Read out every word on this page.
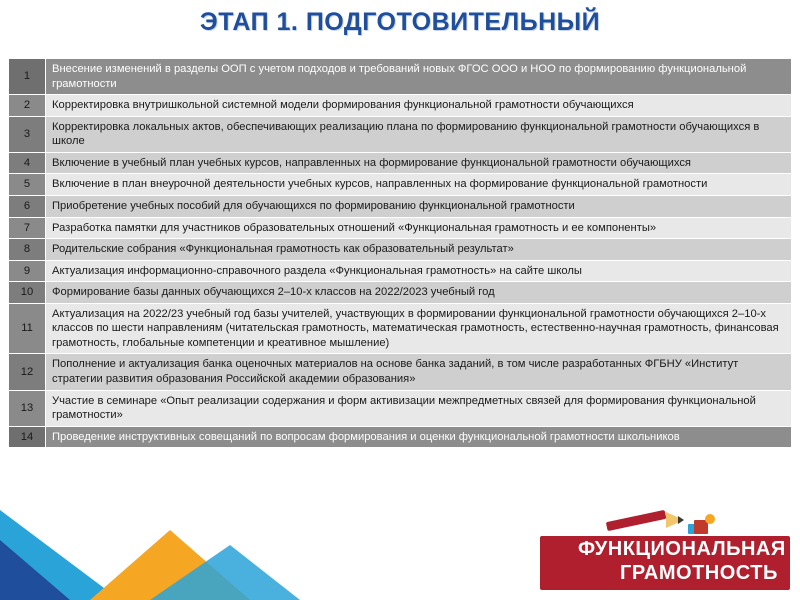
ЭТАП 1. ПОДГОТОВИТЕЛЬНЫЙ
1	Внесение изменений в разделы ООП с учетом подходов и требований новых ФГОС ООО и НОО по формированию функциональной грамотности
2	Корректировка внутришкольной системной модели формирования функциональной грамотности обучающихся
3	Корректировка локальных актов, обеспечивающих реализацию плана по формированию функциональной грамотности обучающихся в школе
4	Включение в учебный план учебных курсов, направленных на формирование функциональной грамотности обучающихся
5	Включение в план внеурочной деятельности учебных курсов, направленных на формирование функциональной грамотности
6	Приобретение учебных пособий для обучающихся по формированию функциональной грамотности
7	Разработка памятки для участников образовательных отношений «Функциональная грамотность и ее компоненты»
8	Родительские собрания «Функциональная грамотность как образовательный результат»
9	Актуализация информационно-справочного раздела «Функциональная грамотность» на сайте школы
10	Формирование базы данных обучающихся 2–10-х классов на 2022/2023 учебный год
11	Актуализация на 2022/23 учебный год базы учителей, участвующих в формировании функциональной грамотности обучающихся 2–10-х классов по шести направлениям (читательская грамотность, математическая грамотность, естественно-научная грамотность, финансовая грамотность, глобальные компетенции и креативное мышление)
12	Пополнение и актуализация банка оценочных материалов на основе банка заданий, в том числе разработанных ФГБНУ «Институт стратегии развития образования Российской академии образования»
13	Участие в семинаре «Опыт реализации содержания и форм активизации межпредметных связей для формирования функциональной грамотности»
14	Проведение инструктивных совещаний по вопросам формирования и оценки функциональной грамотности школьников
ФУНКЦИОНАЛЬНАЯ
ГРАМОТНОСТЬ
